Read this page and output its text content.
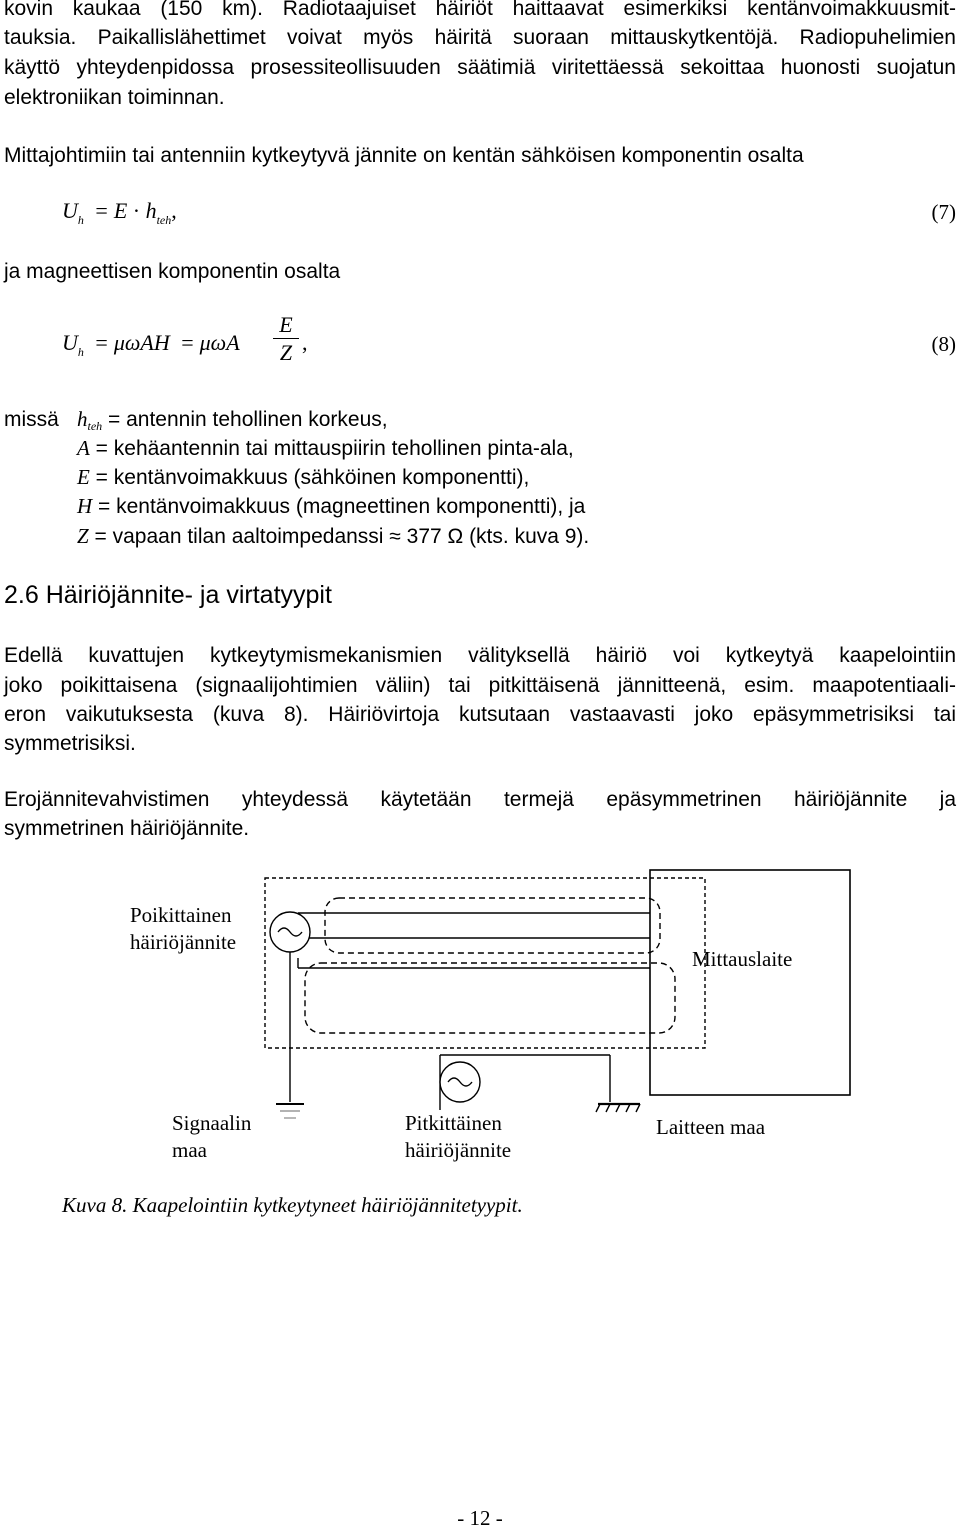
kovin kaukaa (150 km). Radiotaajuiset häiriöt haittaavat esimerkiksi kentänvoimakkuusmit-

tauksia. Paikallislähettimet voivat myös häiritä suoraan mittauskytkentöjä. Radiopuhelimien

käyttö yhteydenpidossa prosessiteollisuuden säätimiä viritettäessä sekoittaa huonosti suojatun

elektroniikan toiminnan.

Mittajohtimiin tai antenniin kytkeytyvä jännite on kentän sähköisen komponentin osalta

$U_h = E \cdot h_{teh}$,	(7)

ja magneettisen komponentin osalta

$U_h = \mu\omega AH = \mu\omega A$
E
Z ,	(8)

missä hteh = antennin tehollinen korkeus,
A = kehäantennin tai mittauspiirin tehollinen pinta-ala,
E = kentänvoimakkuus (sähköinen komponentti),
H = kentänvoimakkuus (magneettinen komponentti), ja
Z = vapaan tilan aaltoimpedanssi ≈ 377 Ω (kts. kuva 9).
2.6 Häiriöjännite- ja virtatyypit

Edellä kuvattujen kytkeytymismekanismien välityksellä häiriö voi kytkeytyä kaapelointiin

joko poikittaisena (signaalijohtimien väliin) tai pitkittäisenä jännitteenä, esim. maapotentiaali-

eron vaikutuksesta (kuva 8). Häiriövirtoja kutsutaan vastaavasti joko epäsymmetrisiksi tai

symmetrisiksi.

Erojännitevahvistimen yhteydessä käytetään termejä epäsymmetrinen häiriöjännite ja

symmetrinen häiriöjännite.

Poikittainen
häiriöjännite
Mittauslaite
Signaalin
maa
Pitkittäinen
häiriöjännite
Laitteen maa

Kuva 8. Kaapelointiin kytkeytyneet häiriöjännitetyypit.

- 12 -
